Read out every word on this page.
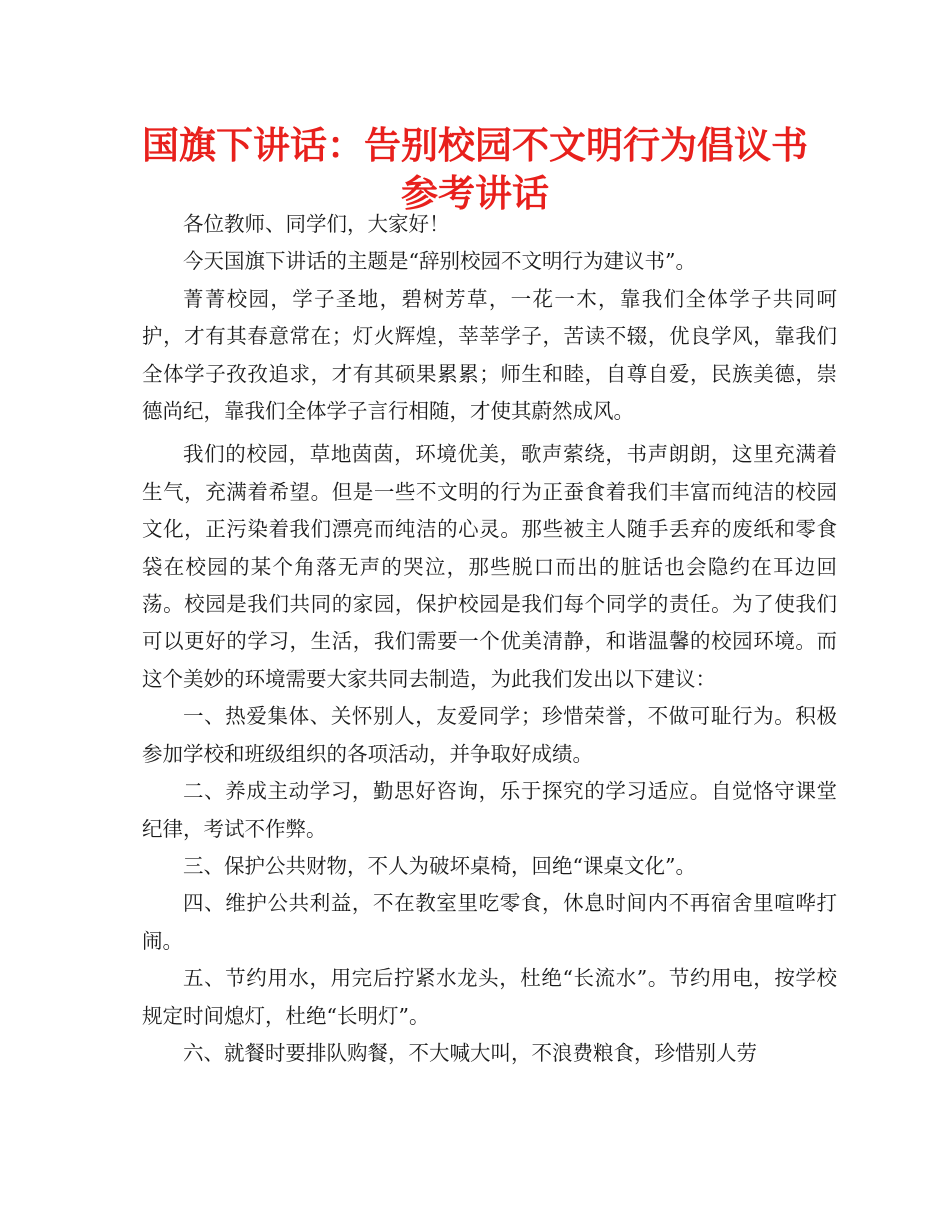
国旗下讲话：告别校园不文明行为倡议书
参考讲话

各位教师、同学们，大家好！

今天国旗下讲话的主题是“辞别校园不文明行为建议书”。

菁菁校园，学子圣地，碧树芳草，一花一木，靠我们全体学子共同呵护，才有其春意常在；灯火辉煌，莘莘学子，苦读不辍，优良学风，靠我们全体学子孜孜追求，才有其硕果累累；师生和睦，自尊自爱，民族美德，崇德尚纪，靠我们全体学子言行相随，才使其蔚然成风。

我们的校园，草地茵茵，环境优美，歌声萦绕，书声朗朗，这里充满着生气，充满着希望。但是一些不文明的行为正蚕食着我们丰富而纯洁的校园文化，正污染着我们漂亮而纯洁的心灵。那些被主人随手丢弃的废纸和零食袋在校园的某个角落无声的哭泣，那些脱口而出的脏话也会隐约在耳边回荡。校园是我们共同的家园，保护校园是我们每个同学的责任。为了使我们可以更好的学习，生活，我们需要一个优美清静，和谐温馨的校园环境。而这个美妙的环境需要大家共同去制造，为此我们发出以下建议：

一、热爱集体、关怀别人，友爱同学；珍惜荣誉，不做可耻行为。积极参加学校和班级组织的各项活动，并争取好成绩。

二、养成主动学习，勤思好咨询，乐于探究的学习适应。自觉恪守课堂纪律，考试不作弊。

三、保护公共财物，不人为破坏桌椅，回绝“课桌文化”。

四、维护公共利益，不在教室里吃零食，休息时间内不再宿舍里喧哗打闹。

五、节约用水，用完后拧紧水龙头，杜绝“长流水”。节约用电，按学校规定时间熄灯，杜绝“长明灯”。

六、就餐时要排队购餐，不大喊大叫，不浪费粮食，珍惜别人劳
